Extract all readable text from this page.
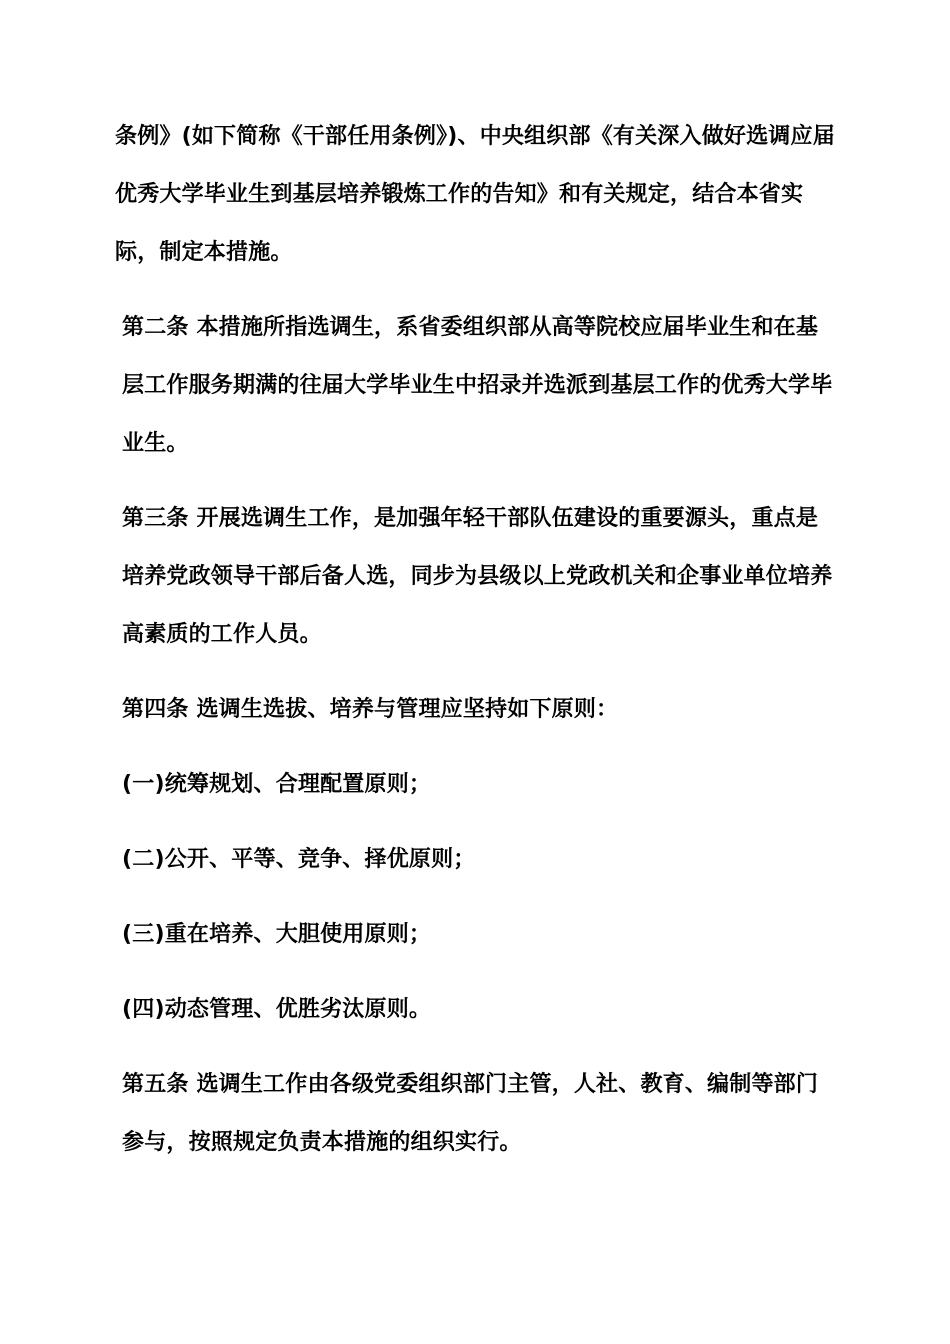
条例》(如下简称《干部任用条例》)、中央组织部《有关深入做好选调应届优秀大学毕业生到基层培养锻炼工作的告知》和有关规定，结合本省实际，制定本措施。

第二条 本措施所指选调生，系省委组织部从高等院校应届毕业生和在基层工作服务期满的往届大学毕业生中招录并选派到基层工作的优秀大学毕业生。

第三条 开展选调生工作，是加强年轻干部队伍建设的重要源头，重点是培养党政领导干部后备人选，同步为县级以上党政机关和企事业单位培养高素质的工作人员。

第四条 选调生选拔、培养与管理应坚持如下原则：

(一)统筹规划、合理配置原则；

(二)公开、平等、竞争、择优原则；

(三)重在培养、大胆使用原则；

(四)动态管理、优胜劣汰原则。

第五条 选调生工作由各级党委组织部门主管，人社、教育、编制等部门参与，按照规定负责本措施的组织实行。
